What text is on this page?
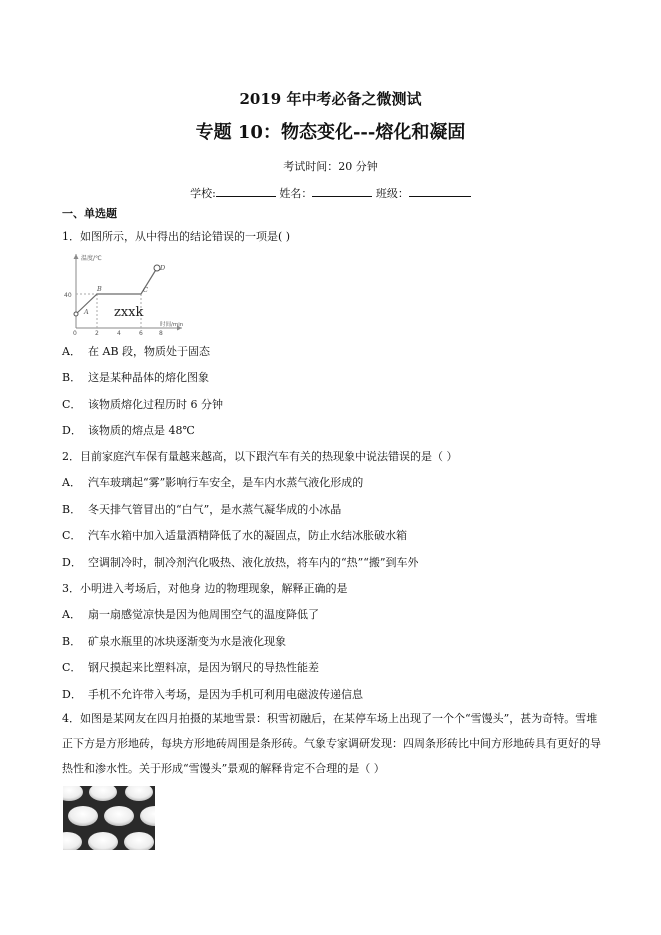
2019 年中考必备之微测试
专题 10：物态变化---熔化和凝固
考试时间：20 分钟
学校:	姓名：	班级：
一、单选题
1．如图所示，从中得出的结论错误的一项是( )
温度/℃
时间/min
40
0	2	4	6	8
A
B	C
D
zxxk
A． 在 AB 段，物质处于固态
B． 这是某种晶体的熔化图象
C． 该物质熔化过程历时 6 分钟
D． 该物质的熔点是 48℃
2．目前家庭汽车保有量越来越高，以下跟汽车有关的热现象中说法错误的是（ ）
A． 汽车玻璃起“雾”影响行车安全，是车内水蒸气液化形成的
B． 冬天排气管冒出的“白气”，是水蒸气凝华成的小冰晶
C． 汽车水箱中加入适量酒精降低了水的凝固点，防止水结冰胀破水箱
D． 空调制冷时，制冷剂汽化吸热、液化放热，将车内的“热”“搬”到车外
3．小明进入考场后，对他身 边的物理现象，解释正确的是
A． 扇一扇感觉凉快是因为他周围空气的温度降低了
B． 矿泉水瓶里的冰块逐渐变为水是液化现象
C． 钢尺摸起来比塑料凉，是因为钢尺的导热性能差
D． 手机不允许带入考场，是因为手机可利用电磁波传递信息
4．如图是某网友在四月拍摄的某地雪景：积雪初融后，在某停车场上出现了一个个“雪馒头”，甚为奇特。雪堆正下方是方形地砖，每块方形地砖周围是条形砖。气象专家调研发现：四周条形砖比中间方形地砖具有更好的导热性和渗水性。关于形成“雪馒头”景观的解释肯定不合理的是（ ）
